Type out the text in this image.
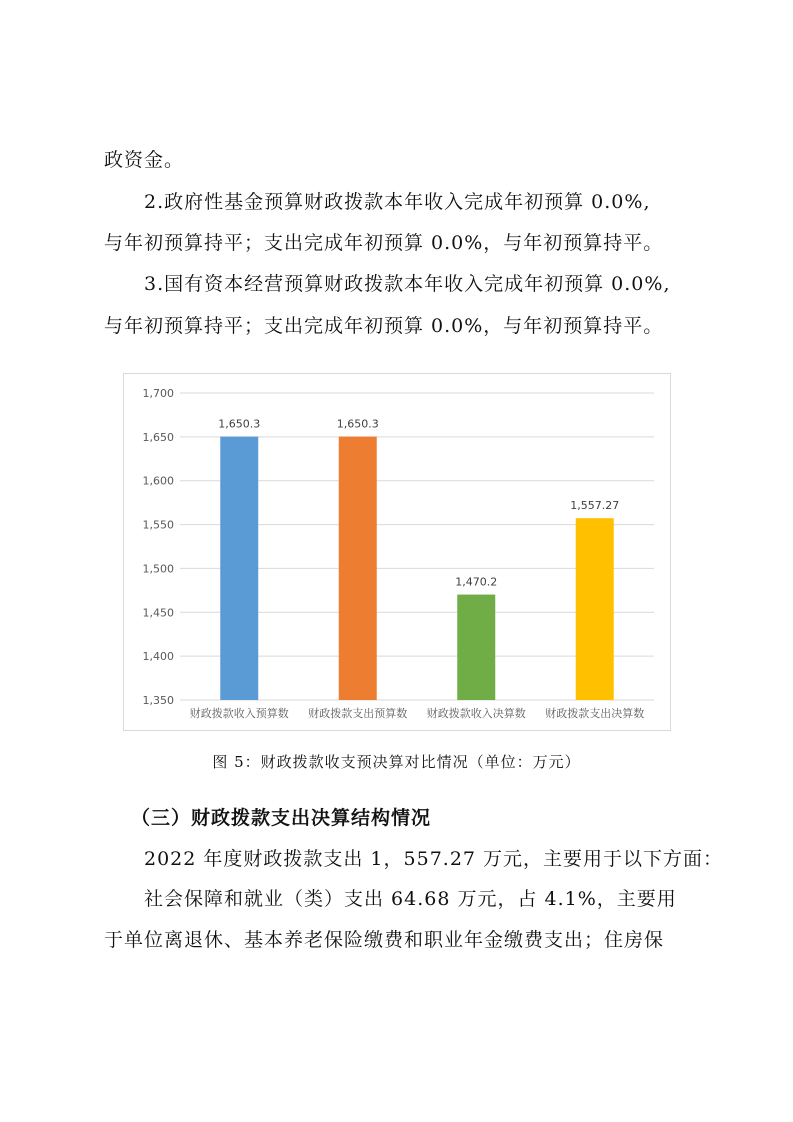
政资金。
2.政府性基金预算财政拨款本年收入完成年初预算 0.0%,
与年初预算持平；支出完成年初预算 0.0%，与年初预算持平。
3.国有资本经营预算财政拨款本年收入完成年初预算 0.0%,
与年初预算持平；支出完成年初预算 0.0%，与年初预算持平。
1,350
1,400
1,450
1,500
1,550
1,600
1,650
1,700
1,650.3
财政拨款收入预算数
1,650.3
财政拨款支出预算数
1,470.2
财政拨款收入决算数
1,557.27
财政拨款支出决算数
图 5：财政拨款收支预决算对比情况（单位：万元）
（三）财政拨款支出决算结构情况
2022 年度财政拨款支出 1，557.27 万元，主要用于以下方面：
社会保障和就业（类）支出 64.68 万元，占 4.1%，主要用
于单位离退休、基本养老保险缴费和职业年金缴费支出；住房保
